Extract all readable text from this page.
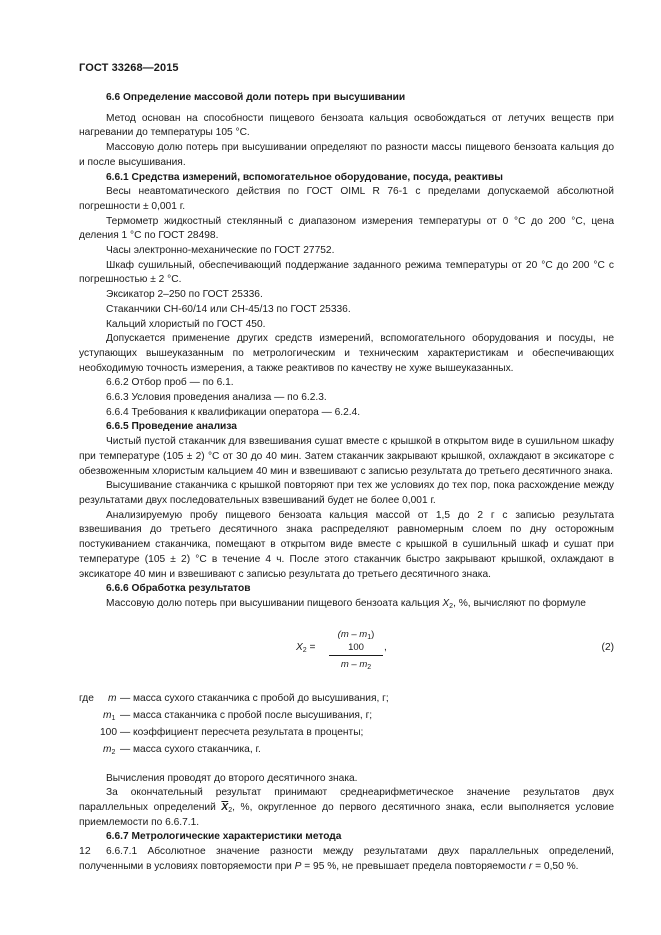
ГОСТ 33268—2015

6.6 Определение массовой доли потерь при высушивании

Метод основан на способности пищевого бензоата кальция освобождаться от летучих веществ при нагревании до температуры 105 °С.

Массовую долю потерь при высушивании определяют по разности массы пищевого бензоата кальция до и после высушивания.

6.6.1 Средства измерений, вспомогательное оборудование, посуда, реактивы

Весы неавтоматического действия по ГОСТ OIML R 76-1 с пределами допускаемой абсолютной погрешности ± 0,001 г.

Термометр жидкостный стеклянный с диапазоном измерения температуры от 0 °С до 200 °С, цена деления 1 °С по ГОСТ 28498.

Часы электронно-механические по ГОСТ 27752.

Шкаф сушильный, обеспечивающий поддержание заданного режима температуры от 20 °С до 200 °С с погрешностью ± 2 °С.

Эксикатор 2–250 по ГОСТ 25336.

Стаканчики СН-60/14 или СН-45/13 по ГОСТ 25336.

Кальций хлористый по ГОСТ 450.

Допускается применение других средств измерений, вспомогательного оборудования и посуды, не уступающих вышеуказанным по метрологическим и техническим характеристикам и обеспечивающих необходимую точность измерения, а также реактивов по качеству не хуже вышеуказанных.

6.6.2 Отбор проб — по 6.1.

6.6.3 Условия проведения анализа — по 6.2.3.

6.6.4 Требования к квалификации оператора — 6.2.4.

6.6.5 Проведение анализа

Чистый пустой стаканчик для взвешивания сушат вместе с крышкой в открытом виде в сушильном шкафу при температуре (105 ± 2) °С от 30 до 40 мин. Затем стаканчик закрывают крышкой, охлаждают в эксикаторе с обезвоженным хлористым кальцием 40 мин и взвешивают с записью результата до третьего десятичного знака.

Высушивание стаканчика с крышкой повторяют при тех же условиях до тех пор, пока расхождение между результатами двух последовательных взвешиваний будет не более 0,001 г.

Анализируемую пробу пищевого бензоата кальция массой от 1,5 до 2 г с записью результата взвешивания до третьего десятичного знака распределяют равномерным слоем по дну осторожным постукиванием стаканчика, помещают в открытом виде вместе с крышкой в сушильный шкаф и сушат при температуре (105 ± 2) °С в течение 4 ч. После этого стаканчик быстро закрывают крышкой, охлаждают в эксикаторе 40 мин и взвешивают с записью результата до третьего десятичного знака.

6.6.6 Обработка результатов

Массовую долю потерь при высушивании пищевого бензоата кальция $X_2$, %, вычисляют по формуле

$X_2$ =
$(m - m_1)$ 100
m – $m_2$
,	(2)
где m — масса сухого стаканчика с пробой до высушивания, г;
$m_1$ — масса стаканчика с пробой после высушивания, г;
100 — коэффициент пересчета результата в проценты;
$m_2$ — масса сухого стаканчика, г.

Вычисления проводят до второго десятичного знака.

За окончательный результат принимают среднеарифметическое значение результатов двух параллельных определений $\overline{X}_2$, %, округленное до первого десятичного знака, если выполняется условие приемлемости по 6.6.7.1.

6.6.7 Метрологические характеристики метода

6.6.7.1 Абсолютное значение разности между результатами двух параллельных определений, полученными в условиях повторяемости при P = 95 %, не превышает предела повторяемости r = 0,50 %.

12
